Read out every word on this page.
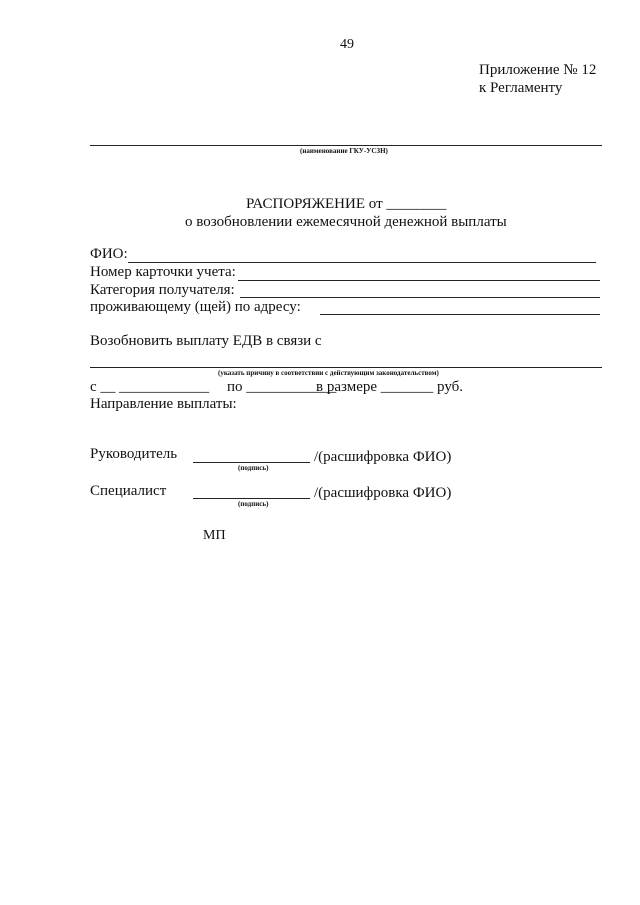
49
Приложение № 12
к Регламенту
(наименование ГКУ-УСЗН)
РАСПОРЯЖЕНИЕ от ________
о возобновлении ежемесячной денежной выплаты
ФИО:
Номер карточки учета:
Категория получателя:
проживающему (щей) по адресу:
Возобновить выплату ЕДВ в связи с
(указать причину в соответствии с действующим законодательством)
с __ ____________ по ____________
в размере _______ руб.
Направление выплаты:
Руководитель
(подпись)
/(расшифровка ФИО)
Специалист
(подпись)
/(расшифровка ФИО)
МП
